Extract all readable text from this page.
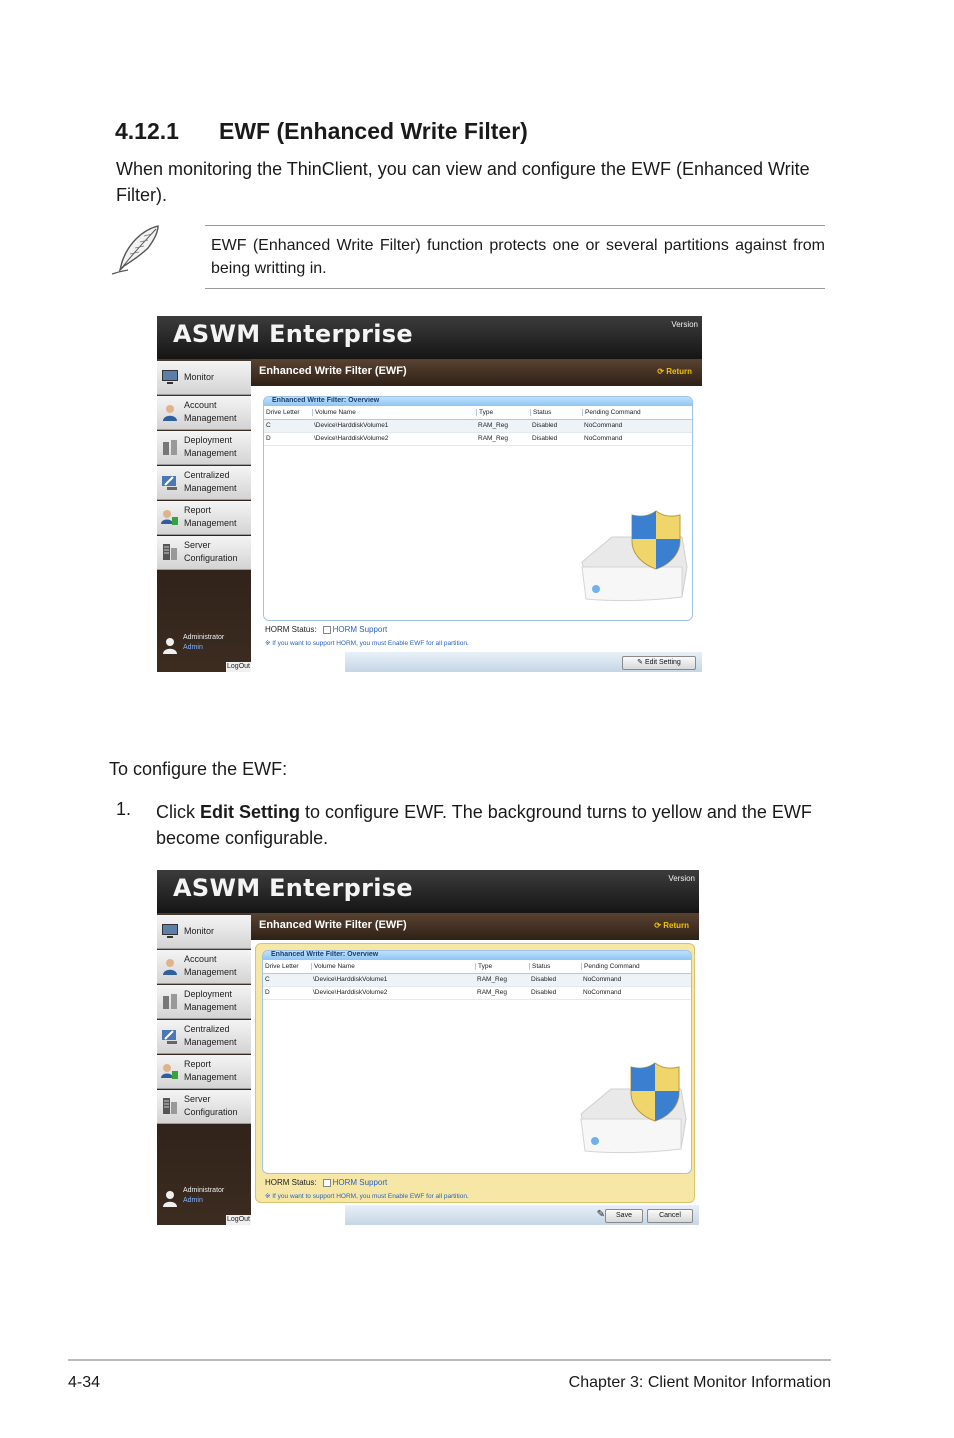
4.12.1 EWF (Enhanced Write Filter)
When monitoring the ThinClient, you can view and configure the EWF (Enhanced Write Filter).
EWF (Enhanced Write Filter) function protects one or several partitions against from being writting in.
ASWM Enterprise	Version
Monitor
Account
Management
Deployment
Management
Centralized
Management
Report
Management
Server
Configuration
Administrator
Admin
LogOut
Enhanced Write Filter (EWF)	⟳ Return
Enhanced Write Filter: Overview
Drive Letter	Volume Name	Type	Status	Pending Command
C	\Device\HarddiskVolume1	RAM_Reg	Disabled	NoCommand
D	\Device\HarddiskVolume2	RAM_Reg	Disabled	NoCommand
HORM Status: HORM Support
※ If you want to support HORM, you must Enable EWF for all partition.
✎ Edit Setting
To configure the EWF:
1. Click Edit Setting to configure EWF. The background turns to yellow and the EWF become configurable.
ASWM Enterprise	Version
Monitor
Account
Management
Deployment
Management
Centralized
Management
Report
Management
Server
Configuration
Administrator
Admin
LogOut
Enhanced Write Filter (EWF)	⟳ Return
Enhanced Write Filter: Overview
Drive Letter	Volume Name	Type	Status	Pending Command
C	\Device\HarddiskVolume1	RAM_Reg	Disabled	NoCommand
D	\Device\HarddiskVolume2	RAM_Reg	Disabled	NoCommand
HORM Status: HORM Support
※ If you want to support HORM, you must Enable EWF for all partition.
✎	Save	Cancel
4-34	Chapter 3: Client Monitor Information
